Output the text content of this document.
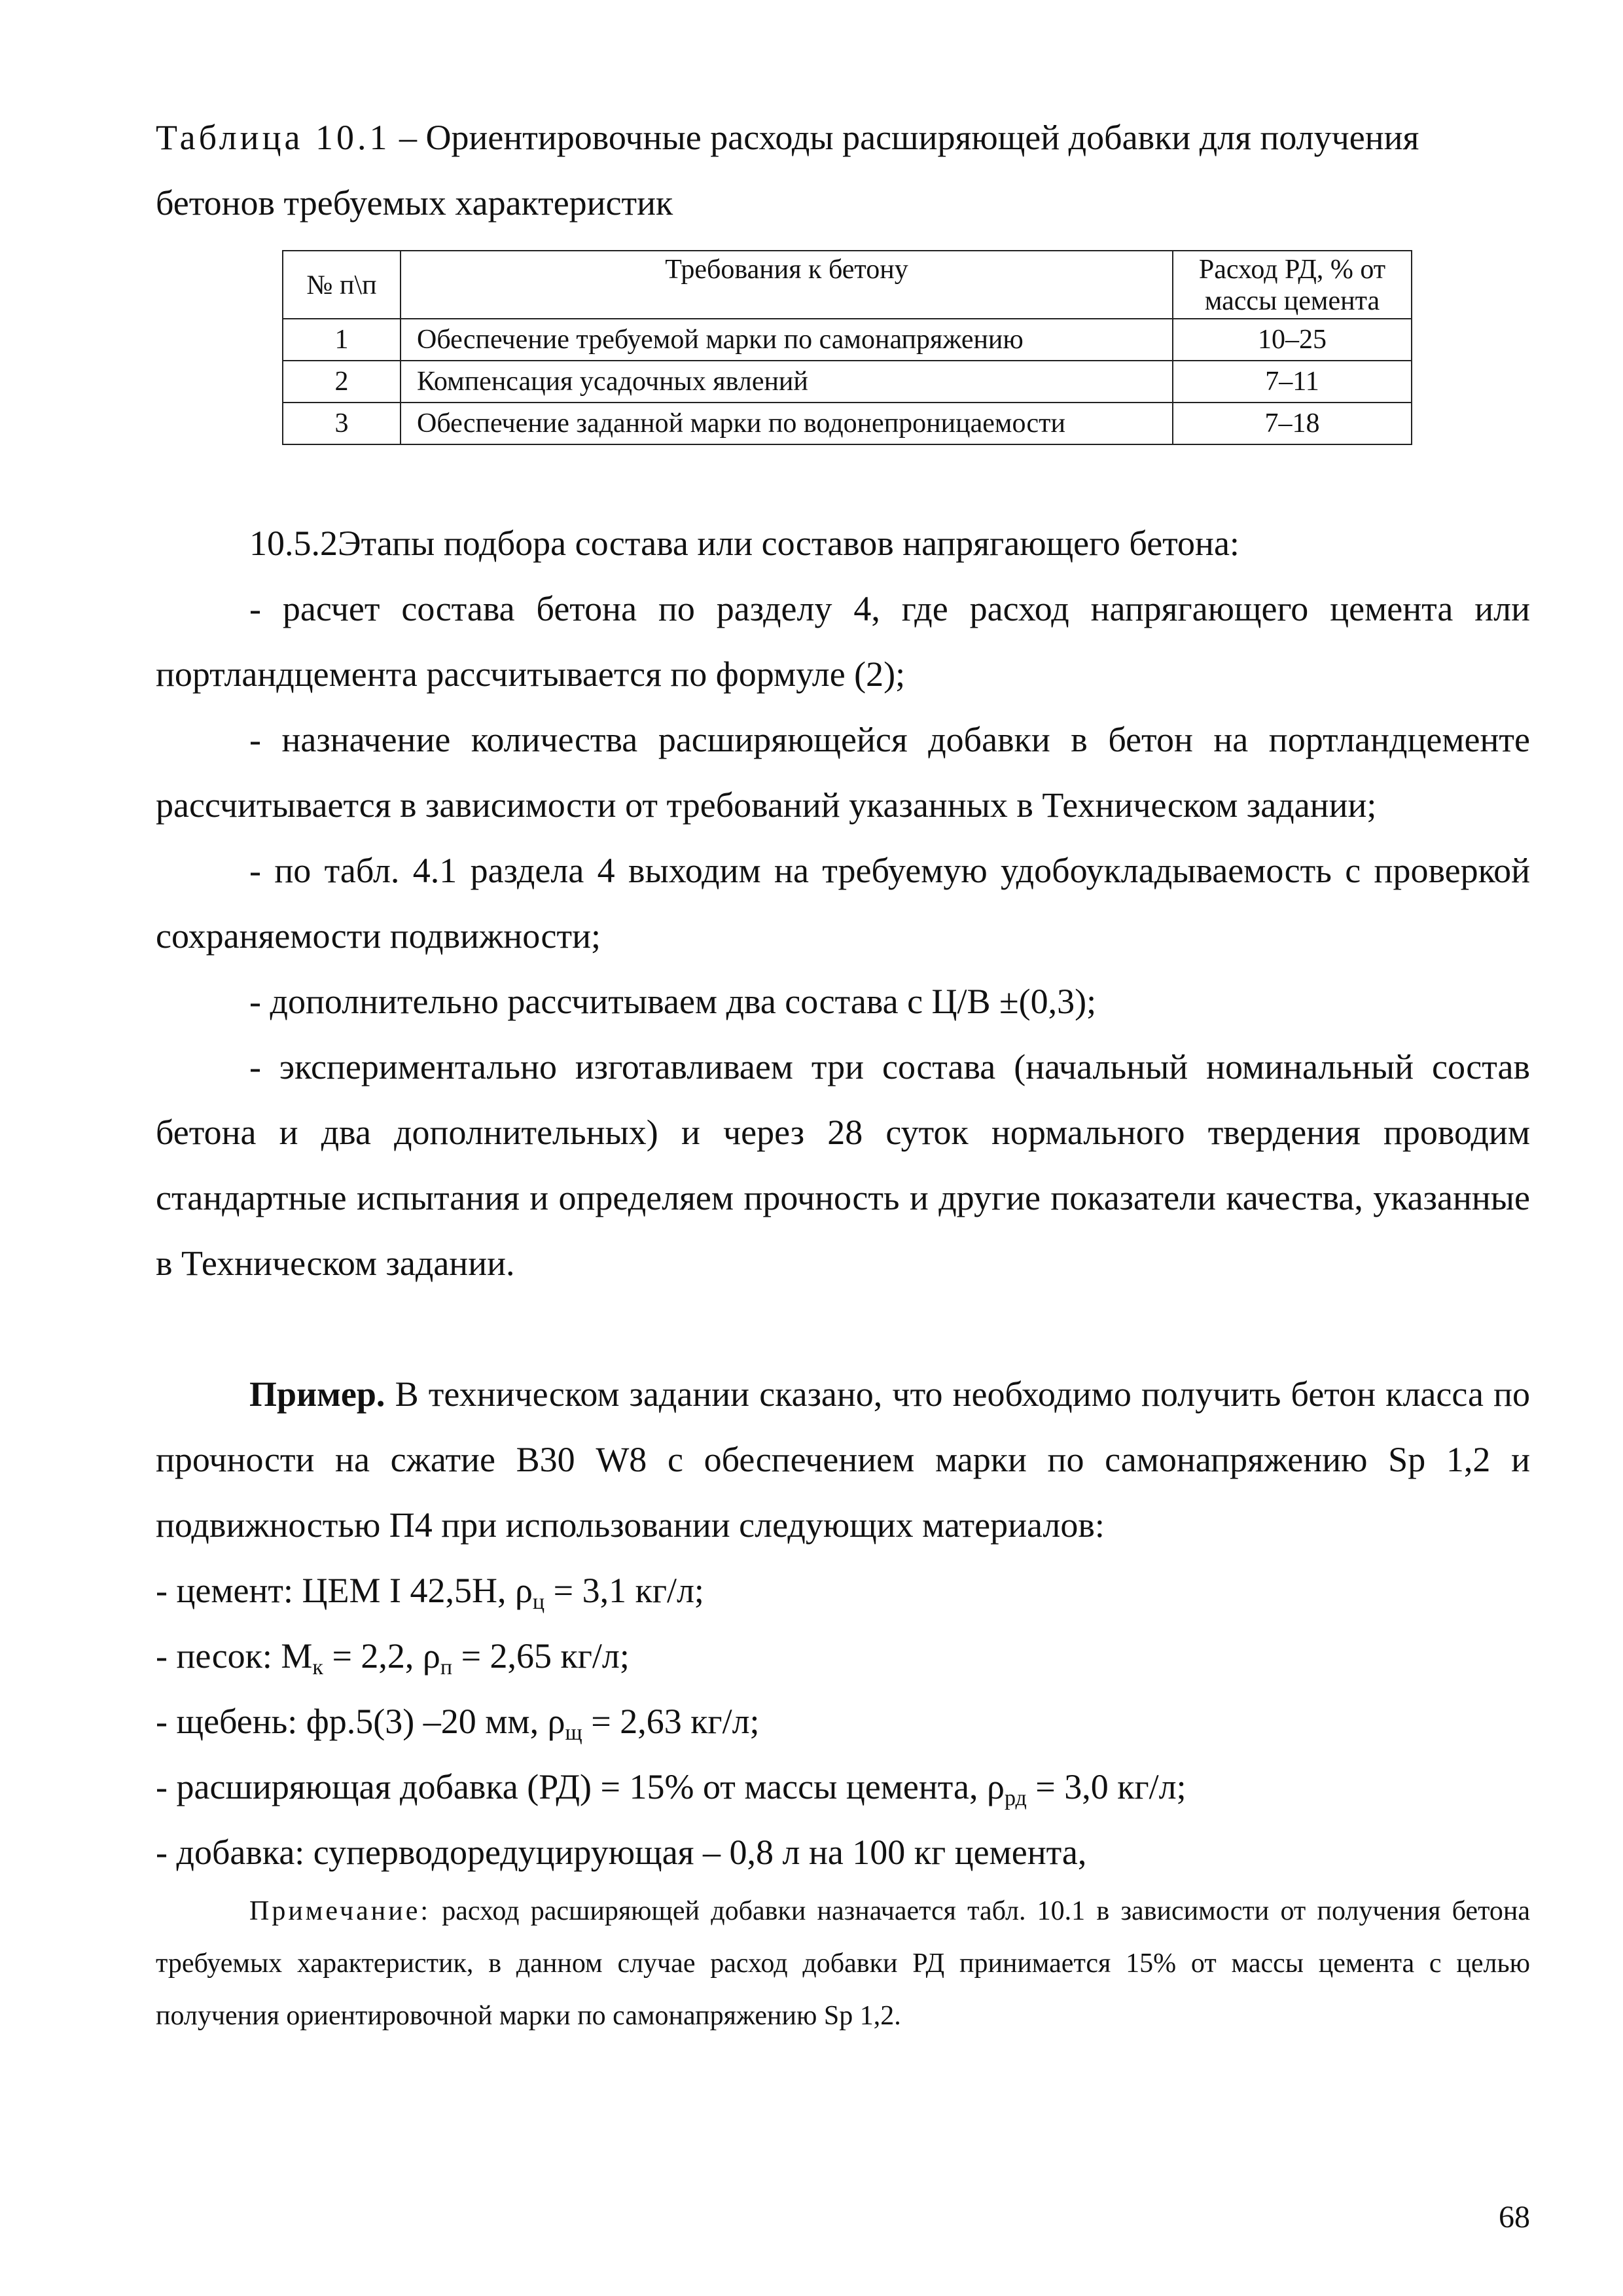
Таблица 10.1 – Ориентировочные расходы расширяющей добавки для получения бетонов требуемых характеристик

№ п\п	Требования к бетону	Расход РД, % от массы цемента
1	Обеспечение требуемой марки по самонапряжению	10–25
2	Компенсация усадочных явлений	7–11
3	Обеспечение заданной марки по водонепроницаемости	7–18

10.5.2Этапы подбора состава или составов напрягающего бетона:

- расчет состава бетона по разделу 4, где расход напрягающего цемента или портландцемента рассчитывается по формуле (2);

- назначение количества расширяющейся добавки в бетон на портландцементе рассчитывается в зависимости от требований указанных в Техническом задании;

- по табл. 4.1 раздела 4 выходим на требуемую удобоукладываемость с проверкой сохраняемости подвижности;

- дополнительно рассчитываем два состава с Ц/В ±(0,3);

- экспериментально изготавливаем три состава (начальный номинальный состав бетона и два дополнительных) и через 28 суток нормального твердения проводим стандартные испытания и определяем прочность и другие показатели качества, указанные в Техническом задании.

Пример. В техническом задании сказано, что необходимо получить бетон класса по прочности на сжатие В30 W8 с обеспечением марки по самонапряжению Sp 1,2 и подвижностью П4 при использовании следующих материалов:

- цемент: ЦЕМ I 42,5Н, $\rho_ц = 3,1$ кг/л;

- песок: $М_к = 2,2$, $\rho_п = 2,65$ кг/л;

- щебень: фр.5(3) –20 мм, $\rho_щ = 2,63$ кг/л;

- расширяющая добавка (РД) = 15% от массы цемента, $\rho_{рд} = 3,0$ кг/л;

- добавка: суперводоредуцирующая – 0,8 л на 100 кг цемента,

Примечание: расход расширяющей добавки назначается табл. 10.1 в зависимости от получения бетона требуемых характеристик, в данном случае расход добавки РД принимается 15% от массы цемента с целью получения ориентировочной марки по самонапряжению Sp 1,2.

68
